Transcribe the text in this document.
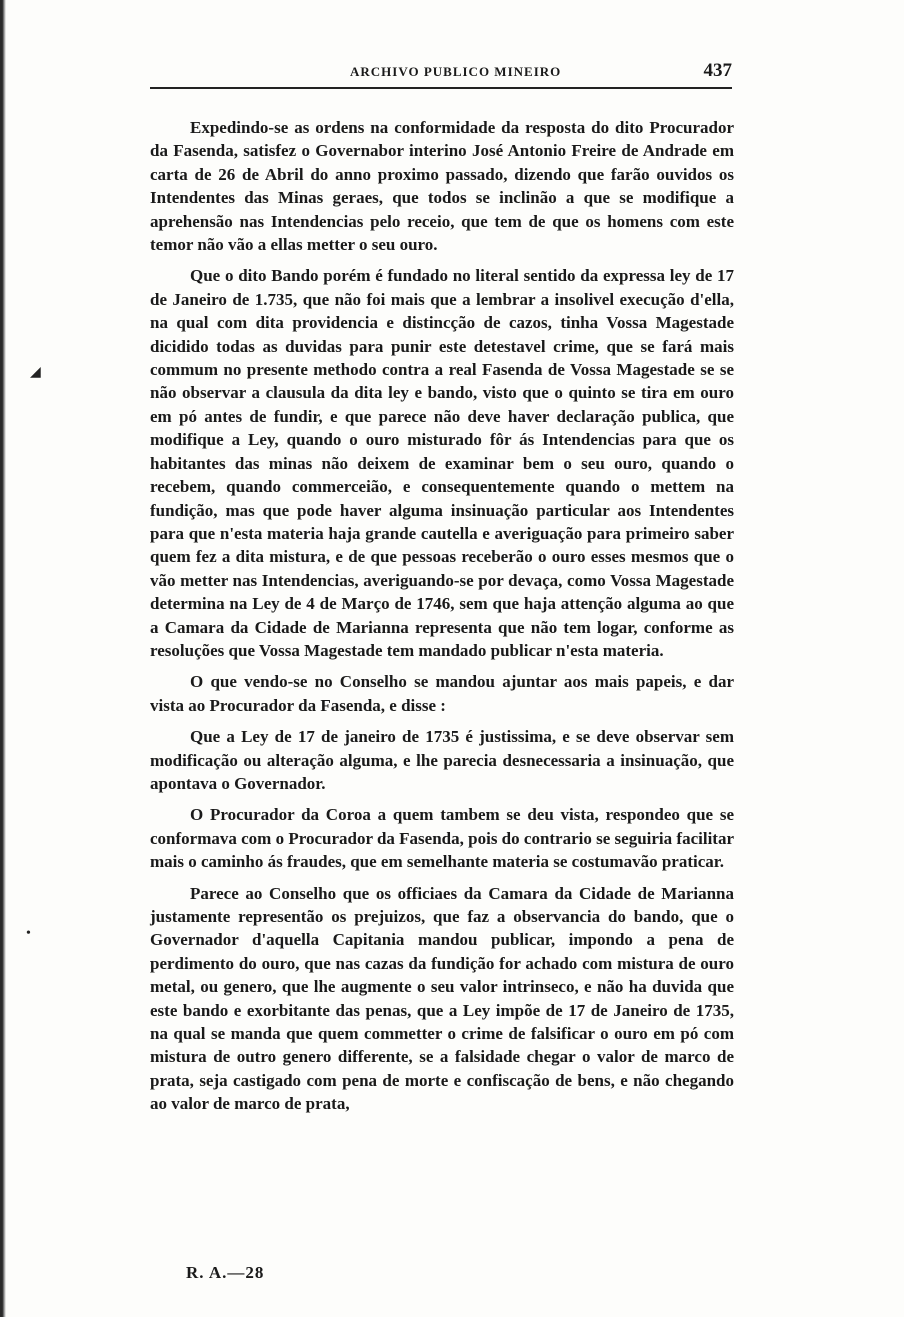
ARCHIVO PUBLICO MINEIRO	437

Expedindo-se as ordens na conformidade da resposta do dito Procurador da Fasenda, satisfez o Governabor interino José Antonio Freire de Andrade em carta de 26 de Abril do anno proximo passado, dizendo que farão ouvidos os Intendentes das Minas geraes, que todos se inclinão a que se modifique a aprehensão nas Intendencias pelo receio, que tem de que os homens com este temor não vão a ellas metter o seu ouro.

Que o dito Bando porém é fundado no literal sentido da expressa ley de 17 de Janeiro de 1.735, que não foi mais que a lembrar a insolivel execução d'ella, na qual com dita providencia e distincção de cazos, tinha Vossa Magestade dicidido todas as duvidas para punir este detestavel crime, que se fará mais commum no presente methodo contra a real Fasenda de Vossa Magestade se se não observar a clausula da dita ley e bando, visto que o quinto se tira em ouro em pó antes de fundir, e que parece não deve haver declaração publica, que modifique a Ley, quando o ouro misturado fôr ás Intendencias para que os habitantes das minas não deixem de examinar bem o seu ouro, quando o recebem, quando commerceião, e consequentemente quando o mettem na fundição, mas que pode haver alguma insinuação particular aos Intendentes para que n'esta materia haja grande cautella e averiguação para primeiro saber quem fez a dita mistura, e de que pessoas receberão o ouro esses mesmos que o vão metter nas Intendencias, averiguando-se por devaça, como Vossa Magestade determina na Ley de 4 de Março de 1746, sem que haja attenção alguma ao que a Camara da Cidade de Marianna representa que não tem logar, conforme as resoluções que Vossa Magestade tem mandado publicar n'esta materia.

O que vendo-se no Conselho se mandou ajuntar aos mais papeis, e dar vista ao Procurador da Fasenda, e disse :

Que a Ley de 17 de janeiro de 1735 é justissima, e se deve observar sem modificação ou alteração alguma, e lhe parecia desnecessaria a insinuação, que apontava o Governador.

O Procurador da Coroa a quem tambem se deu vista, respondeo que se conformava com o Procurador da Fasenda, pois do contrario se seguiria facilitar mais o caminho ás fraudes, que em semelhante materia se costumavão praticar.

Parece ao Conselho que os officiaes da Camara da Cidade de Marianna justamente representão os prejuizos, que faz a observancia do bando, que o Governador d'aquella Capitania mandou publicar, impondo a pena de perdimento do ouro, que nas cazas da fundição for achado com mistura de ouro metal, ou genero, que lhe augmente o seu valor intrinseco, e não ha duvida que este bando e exorbitante das penas, que a Ley impõe de 17 de Janeiro de 1735, na qual se manda que quem commetter o crime de falsificar o ouro em pó com mistura de outro genero differente, se a falsidade chegar o valor de marco de prata, seja castigado com pena de morte e confiscação de bens, e não chegando ao valor de marco de prata,

◢
•
R. A.—28
